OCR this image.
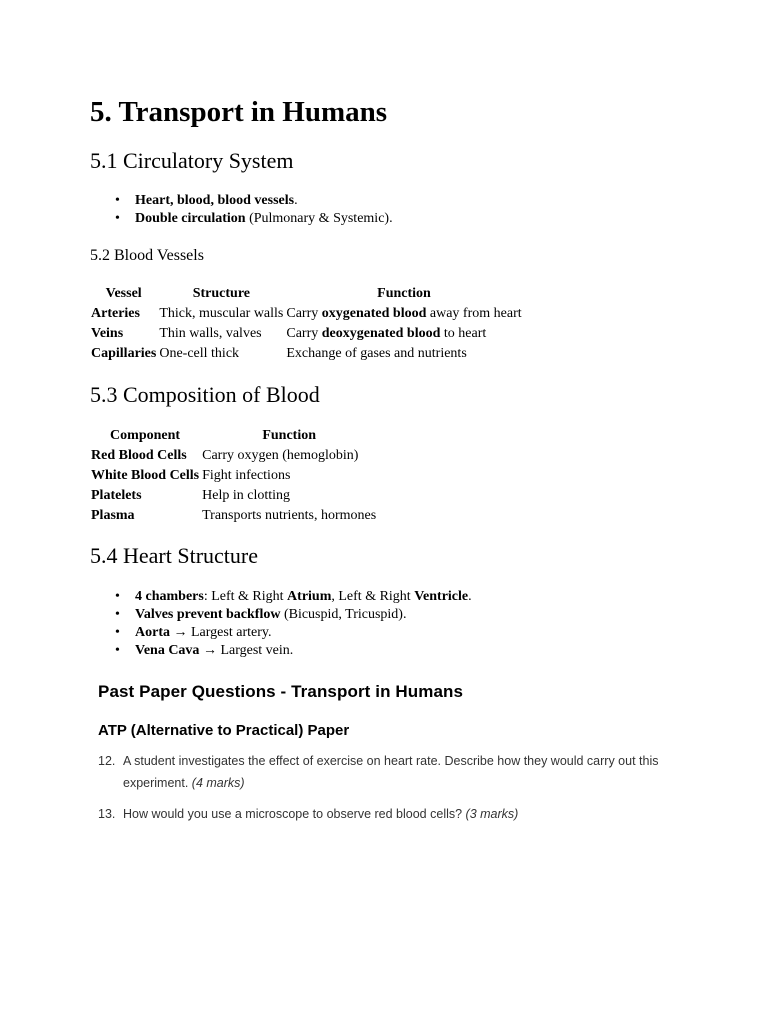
5. Transport in Humans
5.1 Circulatory System
• Heart, blood, blood vessels.
• Double circulation (Pulmonary & Systemic).
5.2 Blood Vessels
Vessel	Structure	Function
Arteries	Thick, muscular walls	Carry oxygenated blood away from heart
Veins	Thin walls, valves	Carry deoxygenated blood to heart
Capillaries	One-cell thick	Exchange of gases and nutrients
5.3 Composition of Blood
Component	Function
Red Blood Cells	Carry oxygen (hemoglobin)
White Blood Cells	Fight infections
Platelets	Help in clotting
Plasma	Transports nutrients, hormones
5.4 Heart Structure
• 4 chambers: Left & Right Atrium, Left & Right Ventricle.
• Valves prevent backflow (Bicuspid, Tricuspid).
• Aorta → Largest artery.
• Vena Cava → Largest vein.
Past Paper Questions - Transport in Humans
ATP (Alternative to Practical) Paper
12. A student investigates the effect of exercise on heart rate. Describe how they would carry out this experiment. (4 marks)
13. How would you use a microscope to observe red blood cells? (3 marks)
